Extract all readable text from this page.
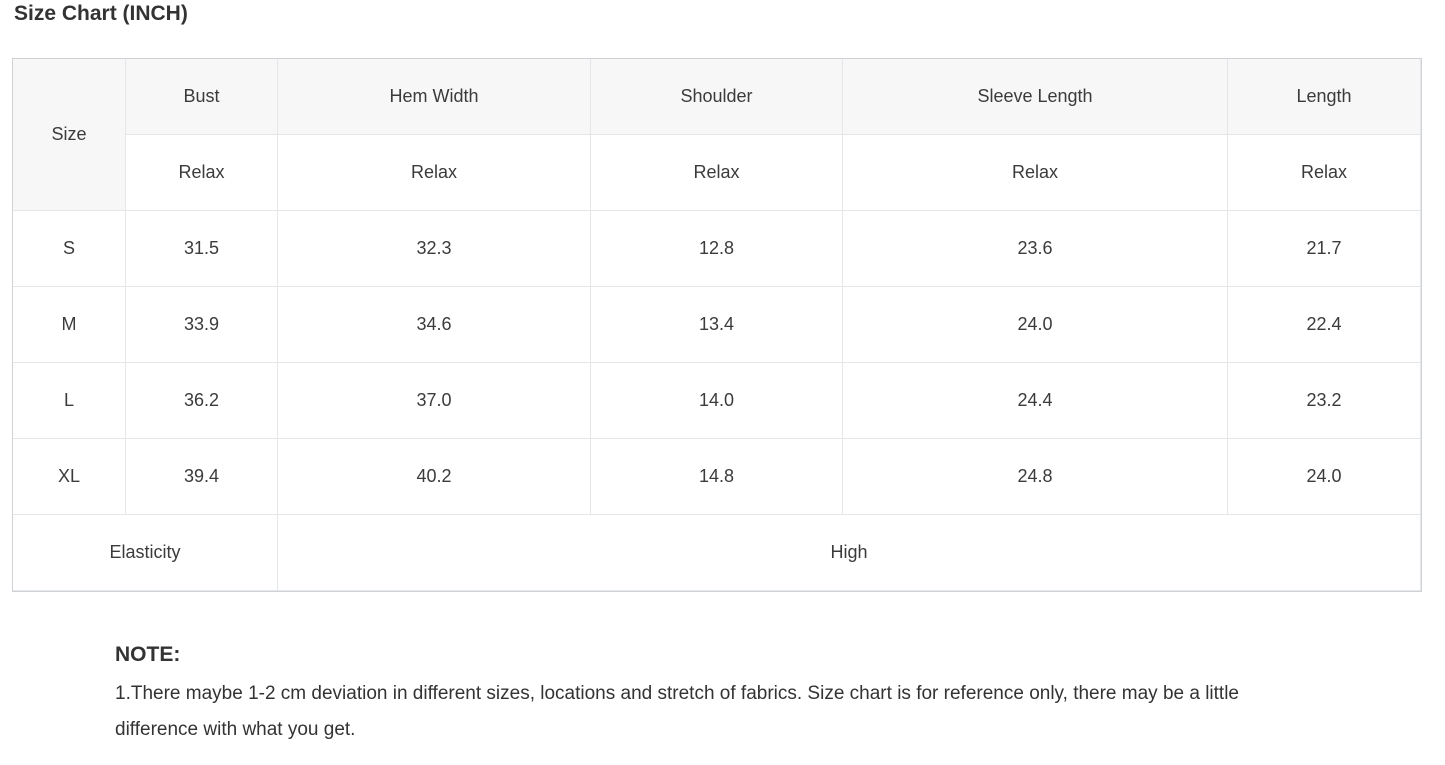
Size Chart (INCH)
Size	Bust	Hem Width	Shoulder	Sleeve Length	Length
	Relax	Relax	Relax	Relax	Relax
S	31.5	32.3	12.8	23.6	21.7
M	33.9	34.6	13.4	24.0	22.4
L	36.2	37.0	14.0	24.4	23.2
XL	39.4	40.2	14.8	24.8	24.0
Elasticity		High			
NOTE:

1.There maybe 1-2 cm deviation in different sizes, locations and stretch of fabrics. Size chart is for reference only, there may be a little difference with what you get.
